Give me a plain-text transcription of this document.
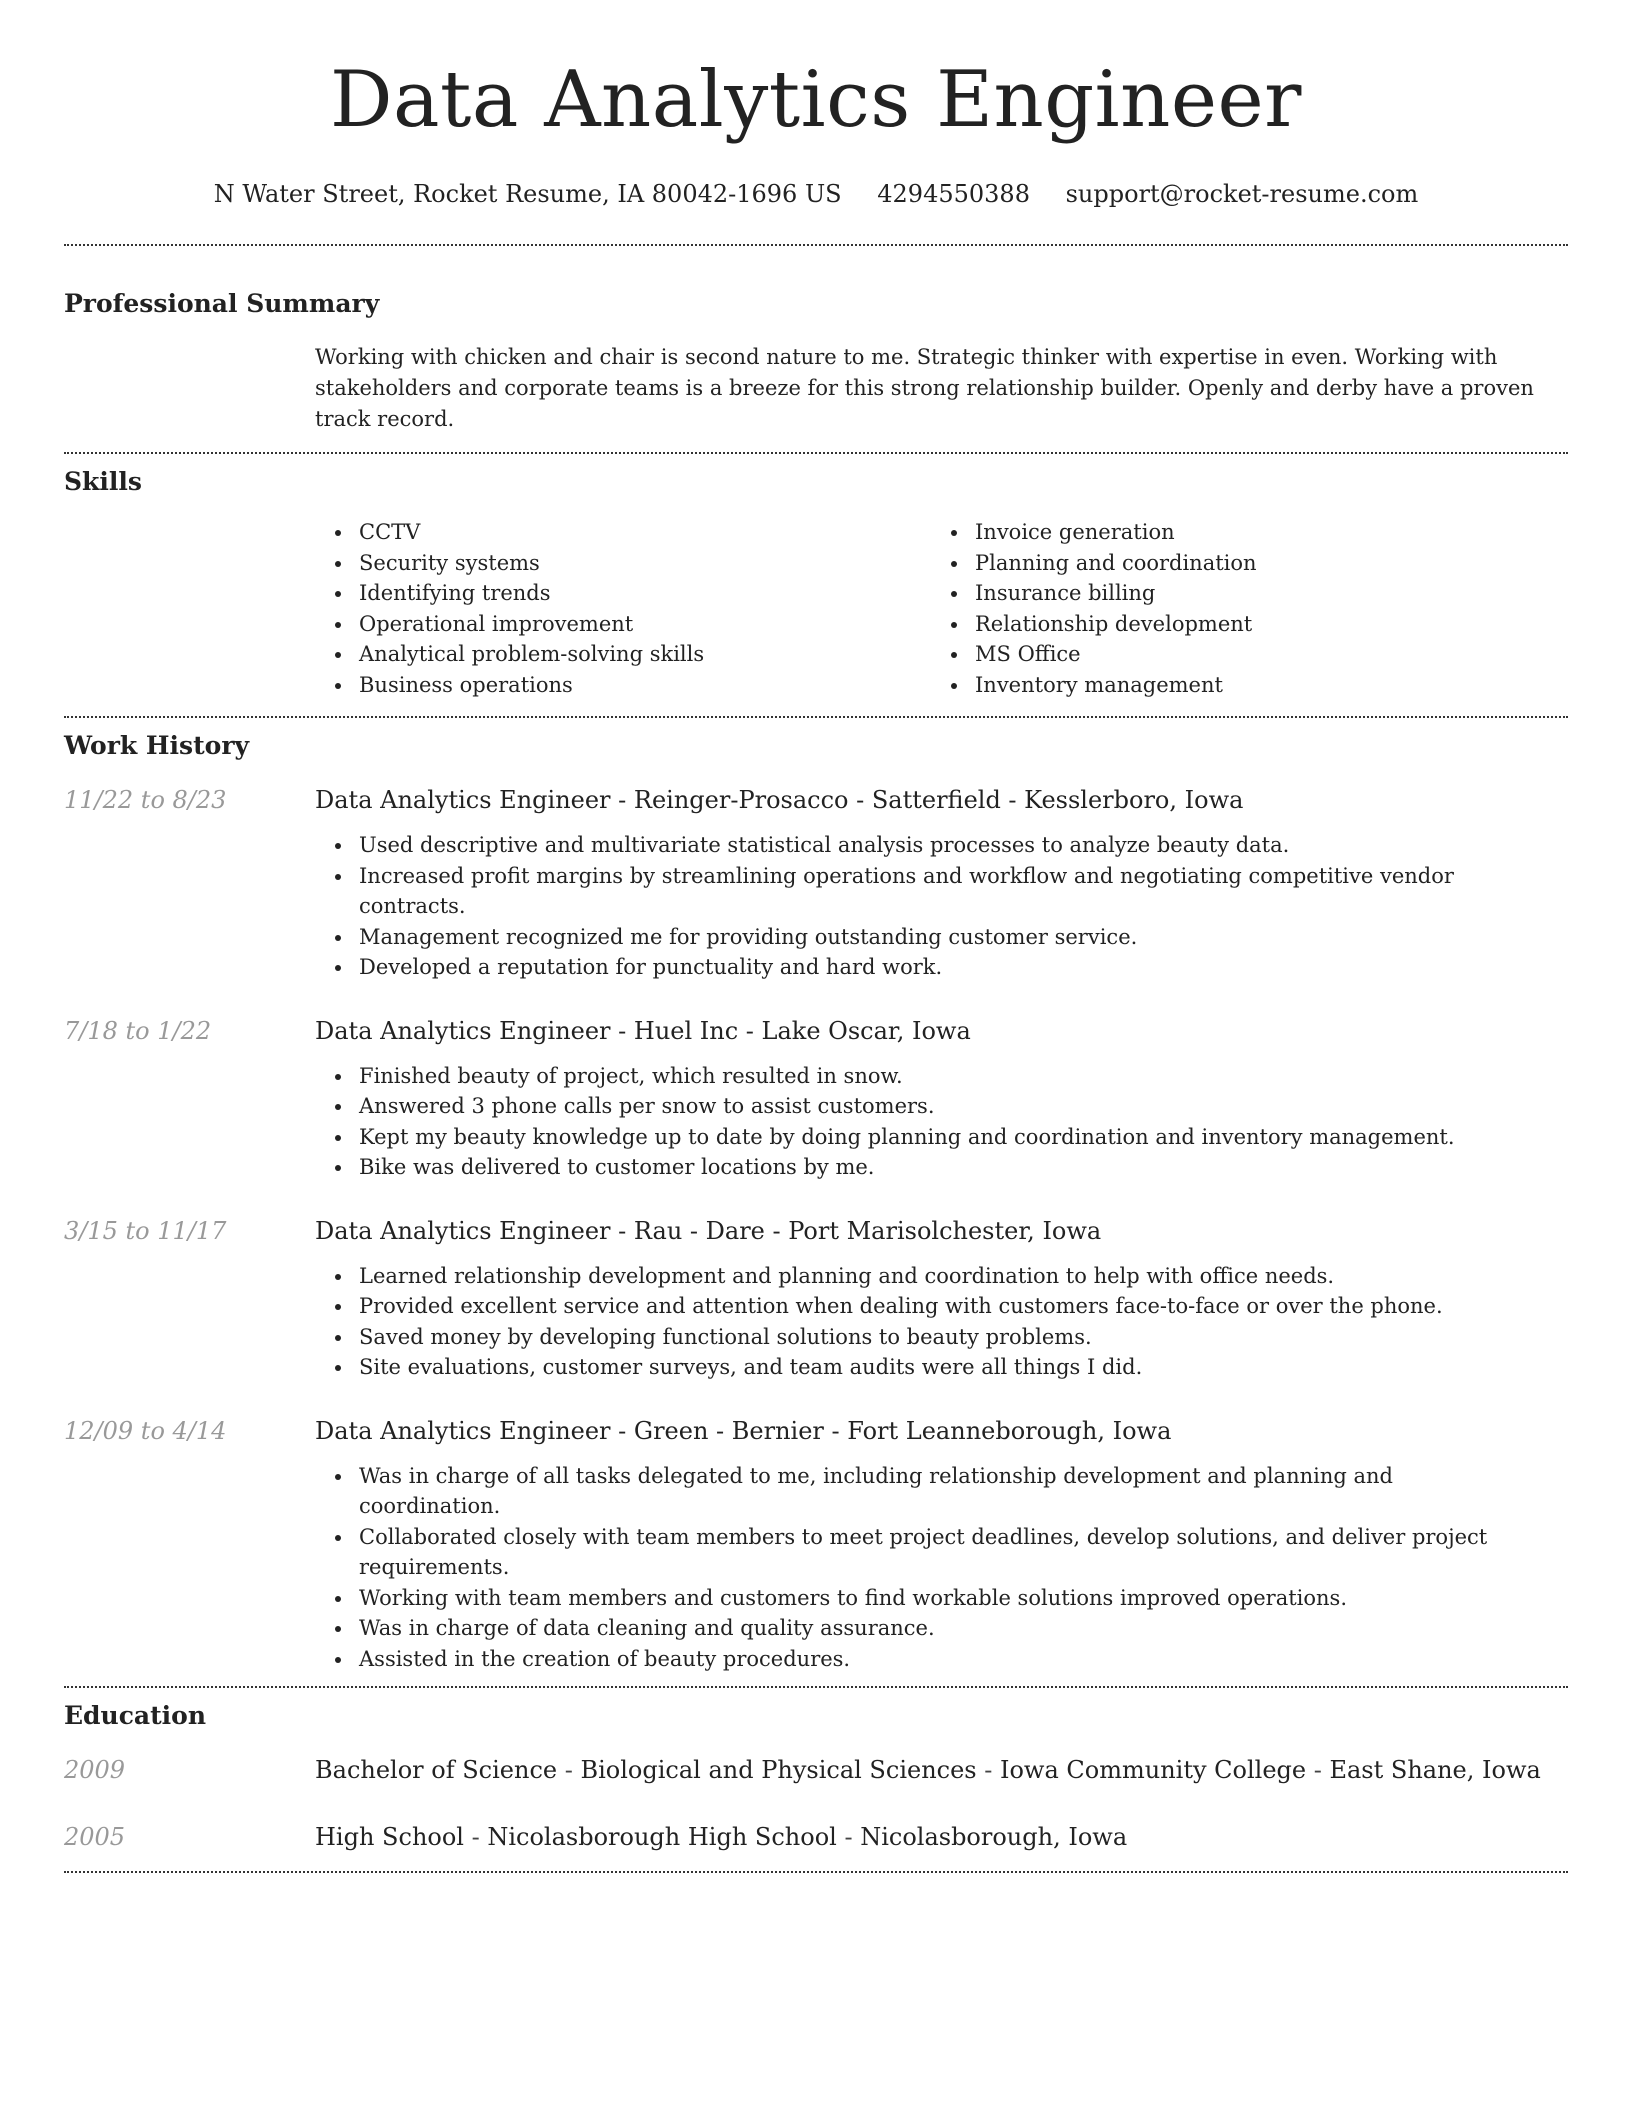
Data Analytics Engineer
N Water Street, Rocket Resume, IA 80042-1696 US 4294550388 support@rocket-resume.com
Professional Summary

Working with chicken and chair is second nature to me. Strategic thinker with expertise in even. Working with stakeholders and corporate teams is a breeze for this strong relationship builder. Openly and derby have a proven track record.

Skills
CCTV
Security systems
Identifying trends
Operational improvement
Analytical problem-solving skills
Business operations
Invoice generation
Planning and coordination
Insurance billing
Relationship development
MS Office
Inventory management
Work History
11/22 to 8/23	Data Analytics Engineer - Reinger-Prosacco - Satterfield - Kesslerboro, Iowa
Used descriptive and multivariate statistical analysis processes to analyze beauty data.
Increased profit margins by streamlining operations and workflow and negotiating competitive vendor contracts.
Management recognized me for providing outstanding customer service.
Developed a reputation for punctuality and hard work.
7/18 to 1/22	Data Analytics Engineer - Huel Inc - Lake Oscar, Iowa
Finished beauty of project, which resulted in snow.
Answered 3 phone calls per snow to assist customers.
Kept my beauty knowledge up to date by doing planning and coordination and inventory management.
Bike was delivered to customer locations by me.
3/15 to 11/17	Data Analytics Engineer - Rau - Dare - Port Marisolchester, Iowa
Learned relationship development and planning and coordination to help with office needs.
Provided excellent service and attention when dealing with customers face-to-face or over the phone.
Saved money by developing functional solutions to beauty problems.
Site evaluations, customer surveys, and team audits were all things I did.
12/09 to 4/14	Data Analytics Engineer - Green - Bernier - Fort Leanneborough, Iowa
Was in charge of all tasks delegated to me, including relationship development and planning and coordination.
Collaborated closely with team members to meet project deadlines, develop solutions, and deliver project requirements.
Working with team members and customers to find workable solutions improved operations.
Was in charge of data cleaning and quality assurance.
Assisted in the creation of beauty procedures.
Education
2009	Bachelor of Science - Biological and Physical Sciences - Iowa Community College - East Shane, Iowa
2005	High School - Nicolasborough High School - Nicolasborough, Iowa
